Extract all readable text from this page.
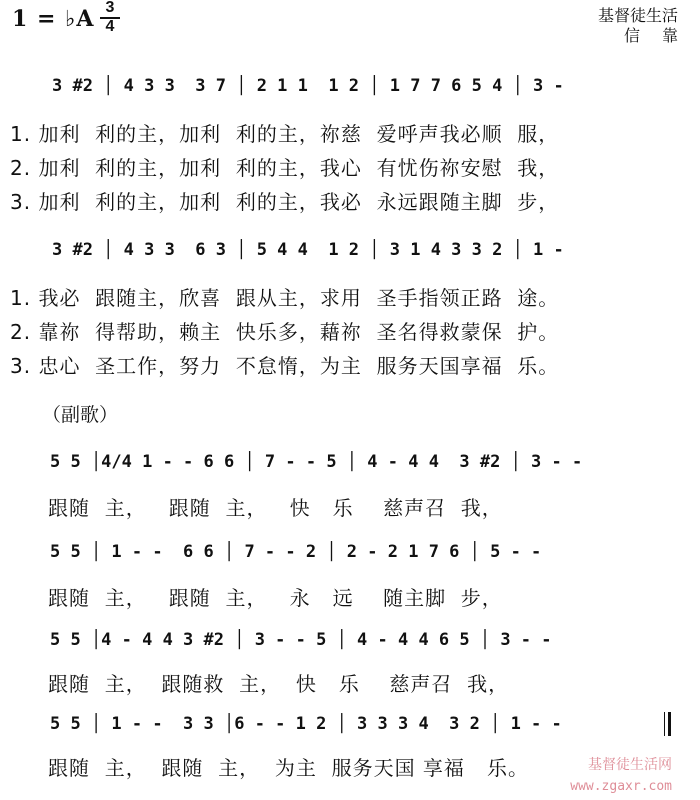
1 = ♭A 3
4
基督徒生活
信靠
3 #2 │ 4 3 3  3 7 │ 2 1 1  1 2 │ 1 7 7 6 5 4 │ 3 -
1. 加利  利的主，加利  利的主，祢慈  爱呼声我必顺  服，
2. 加利  利的主，加利  利的主，我心  有忧伤祢安慰  我，
3. 加利  利的主，加利  利的主，我必  永远跟随主脚  步，
3 #2 │ 4 3 3  6 3 │ 5 4 4  1 2 │ 3 1 4 3 3 2 │ 1 -
1. 我必  跟随主，欣喜  跟从主，求用  圣手指领正路  途。
2. 靠祢  得帮助，赖主  快乐多，藉祢  圣名得救蒙保  护。
3. 忠心  圣工作，努力  不怠惰，为主  服务天国享福  乐。
（副歌）
5 5 │4/4 1 - - 6 6 │ 7 - - 5 │ 4 - 4 4  3 #2 │ 3 - -
跟随  主，   跟随  主，   快   乐    慈声召  我，
5 5 │ 1 - -  6 6 │ 7 - - 2 │ 2 - 2 1 7 6 │ 5 - -
跟随  主，   跟随  主，   永   远    随主脚  步，
5 5 │4 - 4 4 3 #2 │ 3 - - 5 │ 4 - 4 4 6 5 │ 3 - -
跟随  主，  跟随救  主，  快   乐    慈声召  我，
5 5 │ 1 - -  3 3 │6 - - 1 2 │ 3 3 3 4  3 2 │ 1 - -
跟随  主，  跟随  主，  为主  服务天国 享福   乐。	基督徒生活网
www.zgaxr.com
